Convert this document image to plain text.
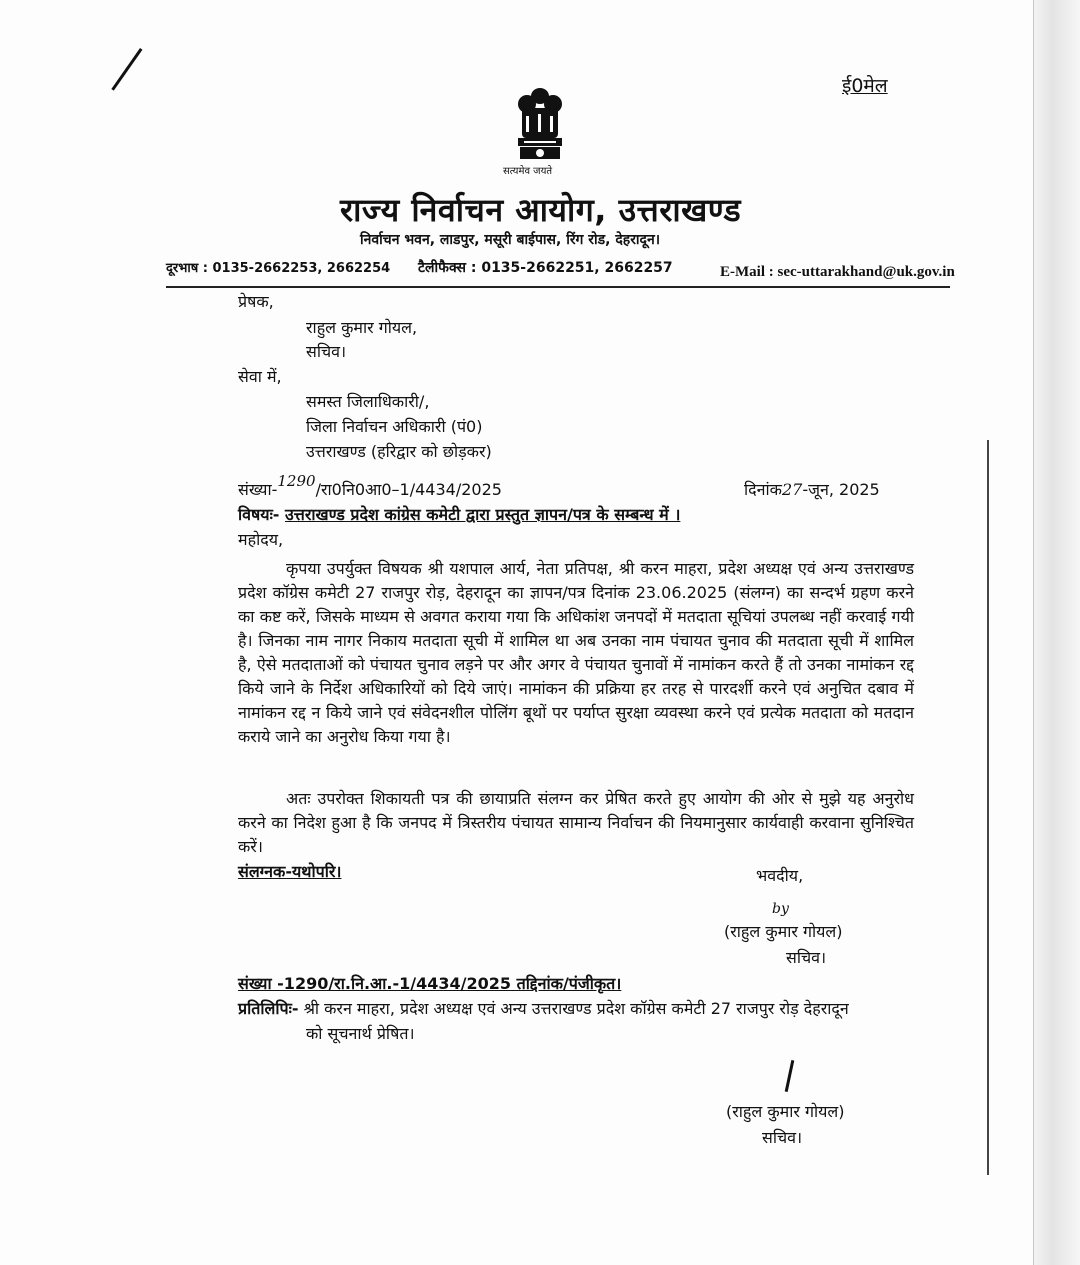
ई0मेल
सत्यमेव जयते
राज्य निर्वाचन आयोग, उत्तराखण्ड
निर्वाचन भवन, लाडपुर, मसूरी बाईपास, रिंग रोड, देहरादून।
दूरभाष : 0135-2662253, 2662254 टैलीफैक्स : 0135-2662251, 2662257	E-Mail : sec-uttarakhand@uk.gov.in
प्रेषक,
राहुल कुमार गोयल,
सचिव।
सेवा में,
समस्त जिलाधिकारी/,
जिला निर्वाचन अधिकारी (पं0)
उत्तराखण्ड (हरिद्वार को छोड़कर)
संख्या-1290/रा0नि0आ0–1/4434/2025	दिनांक27-जून, 2025
विषयः- उत्तराखण्ड प्रदेश कांग्रेस कमेटी द्वारा प्रस्तुत ज्ञापन/पत्र के सम्बन्ध में ।
महोदय,
कृपया उपर्युक्त विषयक श्री यशपाल आर्य, नेता प्रतिपक्ष, श्री करन माहरा, प्रदेश अध्यक्ष एवं अन्य उत्तराखण्ड प्रदेश कॉग्रेस कमेटी 27 राजपुर रोड़, देहरादून का ज्ञापन/पत्र दिनांक 23.06.2025 (संलग्न) का सन्दर्भ ग्रहण करने का कष्ट करें, जिसके माध्यम से अवगत कराया गया कि अधिकांश जनपदों में मतदाता सूचियां उपलब्ध नहीं करवाई गयी है। जिनका नाम नागर निकाय मतदाता सूची में शामिल था अब उनका नाम पंचायत चुनाव की मतदाता सूची में शामिल है, ऐसे मतदाताओं को पंचायत चुनाव लड़ने पर और अगर वे पंचायत चुनावों में नामांकन करते हैं तो उनका नामांकन रद्द किये जाने के निर्देश अधिकारियों को दिये जाएं। नामांकन की प्रक्रिया हर तरह से पारदर्शी करने एवं अनुचित दबाव में नामांकन रद्द न किये जाने एवं संवेदनशील पोलिंग बूथों पर पर्याप्त सुरक्षा व्यवस्था करने एवं प्रत्येक मतदाता को मतदान कराये जाने का अनुरोध किया गया है।
अतः उपरोक्त शिकायती पत्र की छायाप्रति संलग्न कर प्रेषित करते हुए आयोग की ओर से मुझे यह अनुरोध करने का निदेश हुआ है कि जनपद में त्रिस्तरीय पंचायत सामान्य निर्वाचन की नियमानुसार कार्यवाही करवाना सुनिश्चित करें।
संलग्नक-यथोपरि।	भवदीय,
by
(राहुल कुमार गोयल)
सचिव।
संख्या -1290/रा.नि.आ.-1/4434/2025 तद्दिनांक/पंजीकृत।
प्रतिलिपिः- श्री करन माहरा, प्रदेश अध्यक्ष एवं अन्य उत्तराखण्ड प्रदेश कॉग्रेस कमेटी 27 राजपुर रोड़ देहरादून
को सूचनार्थ प्रेषित।
(राहुल कुमार गोयल)
सचिव।
